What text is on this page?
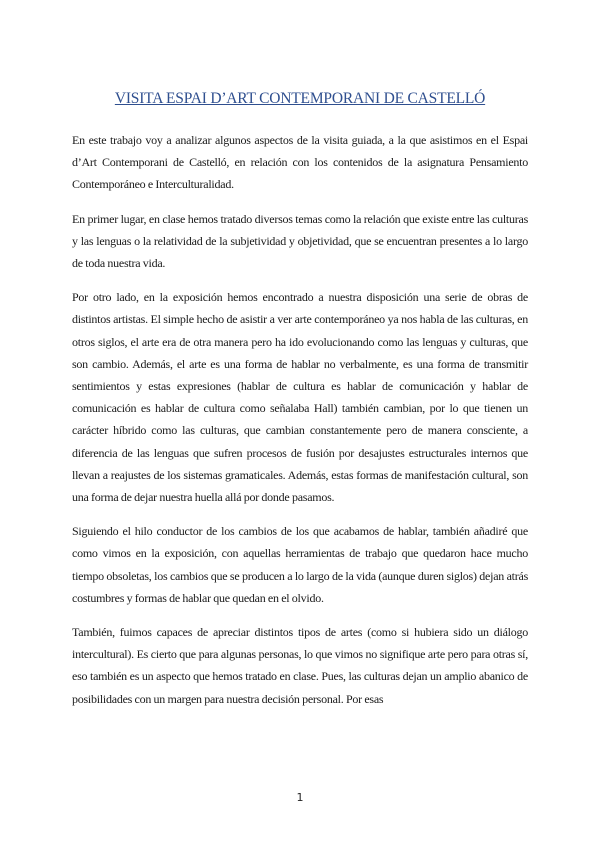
VISITA ESPAI D’ART CONTEMPORANI DE CASTELLÓ

En este trabajo voy a analizar algunos aspectos de la visita guiada, a la que asistimos en el Espai d’Art Contemporani de Castelló, en relación con los contenidos de la asignatura Pensamiento Contemporáneo e Interculturalidad.

En primer lugar, en clase hemos tratado diversos temas como la relación que existe entre las culturas y las lenguas o la relatividad de la subjetividad y objetividad, que se encuentran presentes a lo largo de toda nuestra vida.

Por otro lado, en la exposición hemos encontrado a nuestra disposición una serie de obras de distintos artistas. El simple hecho de asistir a ver arte contemporáneo ya nos habla de las culturas, en otros siglos, el arte era de otra manera pero ha ido evolucionando como las lenguas y culturas, que son cambio. Además, el arte es una forma de hablar no verbalmente, es una forma de transmitir sentimientos y estas expresiones (hablar de cultura es hablar de comunicación y hablar de comunicación es hablar de cultura como señalaba Hall) también cambian, por lo que tienen un carácter híbrido como las culturas, que cambian constantemente pero de manera consciente, a diferencia de las lenguas que sufren procesos de fusión por desajustes estructurales internos que llevan a reajustes de los sistemas gramaticales. Además, estas formas de manifestación cultural, son una forma de dejar nuestra huella allá por donde pasamos.

Siguiendo el hilo conductor de los cambios de los que acabamos de hablar, también añadiré que como vimos en la exposición, con aquellas herramientas de trabajo que quedaron hace mucho tiempo obsoletas, los cambios que se producen a lo largo de la vida (aunque duren siglos) dejan atrás costumbres y formas de hablar que quedan en el olvido.

También, fuimos capaces de apreciar distintos tipos de artes (como si hubiera sido un diálogo intercultural). Es cierto que para algunas personas, lo que vimos no signifique arte pero para otras sí, eso también es un aspecto que hemos tratado en clase. Pues, las culturas dejan un amplio abanico de posibilidades con un margen para nuestra decisión personal. Por esas

1
